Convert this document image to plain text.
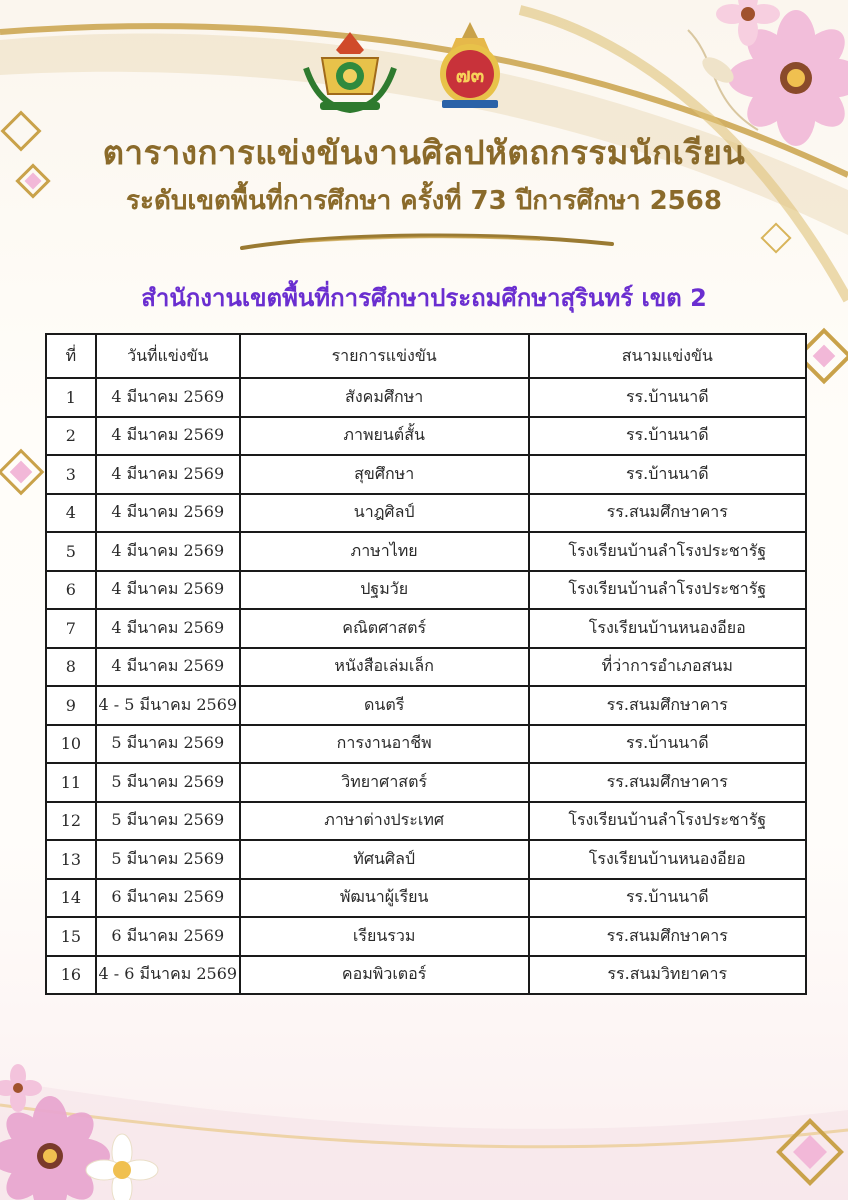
๗๓
ตารางการแข่งขันงานศิลปหัตถกรรมนักเรียน
ระดับเขตพื้นที่การศึกษา ครั้งที่ 73 ปีการศึกษา 2568
สำนักงานเขตพื้นที่การศึกษาประถมศึกษาสุรินทร์ เขต 2
ที่	วันที่แข่งขัน	รายการแข่งขัน	สนามแข่งขัน
1	4 มีนาคม 2569	สังคมศึกษา	รร.บ้านนาดี
2	4 มีนาคม 2569	ภาพยนต์สั้น	รร.บ้านนาดี
3	4 มีนาคม 2569	สุขศึกษา	รร.บ้านนาดี
4	4 มีนาคม 2569	นาฎศิลป์	รร.สนมศึกษาคาร
5	4 มีนาคม 2569	ภาษาไทย	โรงเรียนบ้านลำโรงประชารัฐ
6	4 มีนาคม 2569	ปฐมวัย	โรงเรียนบ้านลำโรงประชารัฐ
7	4 มีนาคม 2569	คณิตศาสตร์	โรงเรียนบ้านหนองอียอ
8	4 มีนาคม 2569	หนังสือเล่มเล็ก	ที่ว่าการอำเภอสนม
9	4 - 5 มีนาคม 2569	ดนตรี	รร.สนมศึกษาคาร
10	5 มีนาคม 2569	การงานอาชีพ	รร.บ้านนาดี
11	5 มีนาคม 2569	วิทยาศาสตร์	รร.สนมศึกษาคาร
12	5 มีนาคม 2569	ภาษาต่างประเทศ	โรงเรียนบ้านลำโรงประชารัฐ
13	5 มีนาคม 2569	ทัศนศิลป์	โรงเรียนบ้านหนองอียอ
14	6 มีนาคม 2569	พัฒนาผู้เรียน	รร.บ้านนาดี
15	6 มีนาคม 2569	เรียนรวม	รร.สนมศึกษาคาร
16	4 - 6 มีนาคม 2569	คอมพิวเตอร์	รร.สนมวิทยาคาร
